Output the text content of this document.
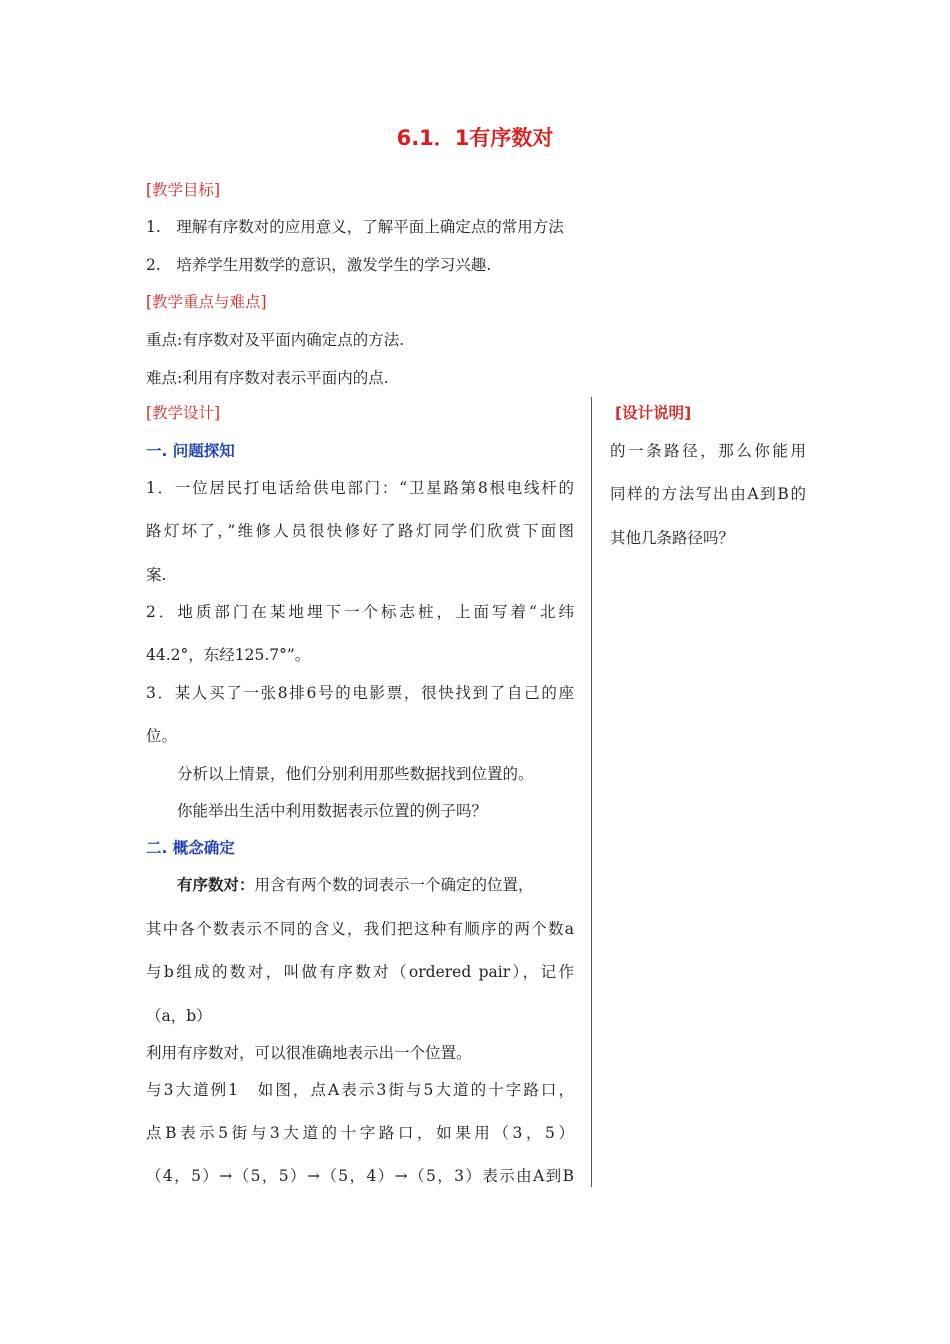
6.1．1有序数对
[教学目标]
1.　理解有序数对的应用意义，了解平面上确定点的常用方法
2.　培养学生用数学的意识，激发学生的学习兴趣.
[教学重点与难点]
重点:有序数对及平面内确定点的方法.
难点:利用有序数对表示平面内的点.
[教学设计]	[设计说明]
一. 问题探知
1．一位居民打电话给供电部门：“卫星路第8根电线杆的
路灯坏了，”维修人员很快修好了路灯同学们欣赏下面图
案.
2．地质部门在某地埋下一个标志桩，上面写着“北纬
44.2°，东经125.7°”。
3．某人买了一张8排6号的电影票，很快找到了自己的座
位。
分析以上情景，他们分别利用那些数据找到位置的。
你能举出生活中利用数据表示位置的例子吗？
二. 概念确定
有序数对：用含有两个数的词表示一个确定的位置，
其中各个数表示不同的含义，我们把这种有顺序的两个数a
与b组成的数对，叫做有序数对（ordered pair），记作
（a，b）
利用有序数对，可以很准确地表示出一个位置。
与3大道例1　如图，点A表示3街与5大道的十字路口，
点B表示5街与3大道的十字路口，如果用（3，5）
（4，5）→（5，5）→（5，4）→（5，3）表示由A到B
的一条路径，那么你能用
同样的方法写出由A到B的
其他几条路径吗？
